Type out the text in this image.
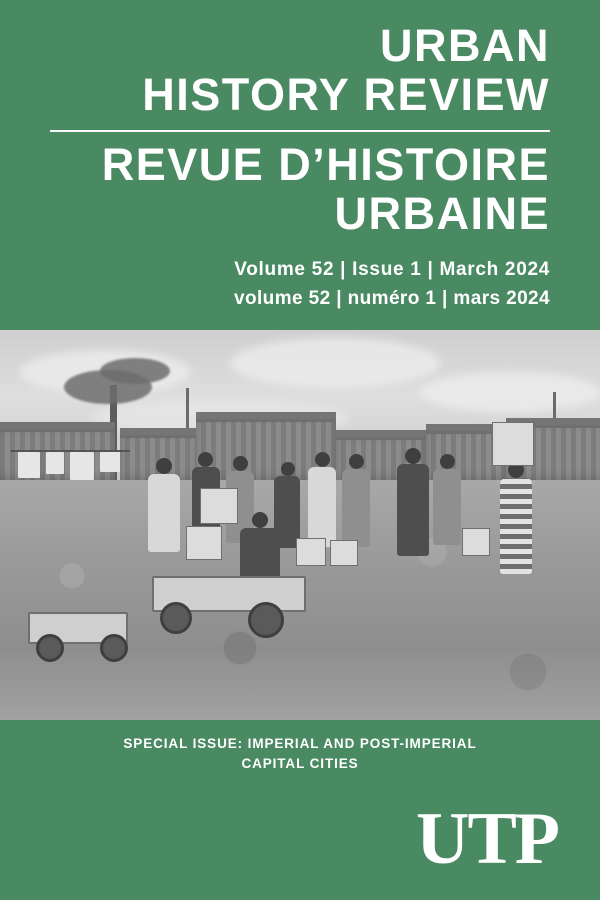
URBAN
HISTORY REVIEW
REVUE D’HISTOIRE
URBAINE
Volume 52 | Issue 1 | March 2024
volume 52 | numéro 1 | mars 2024
SPECIAL ISSUE: IMPERIAL AND POST-IMPERIAL
CAPITAL CITIES
UTP
